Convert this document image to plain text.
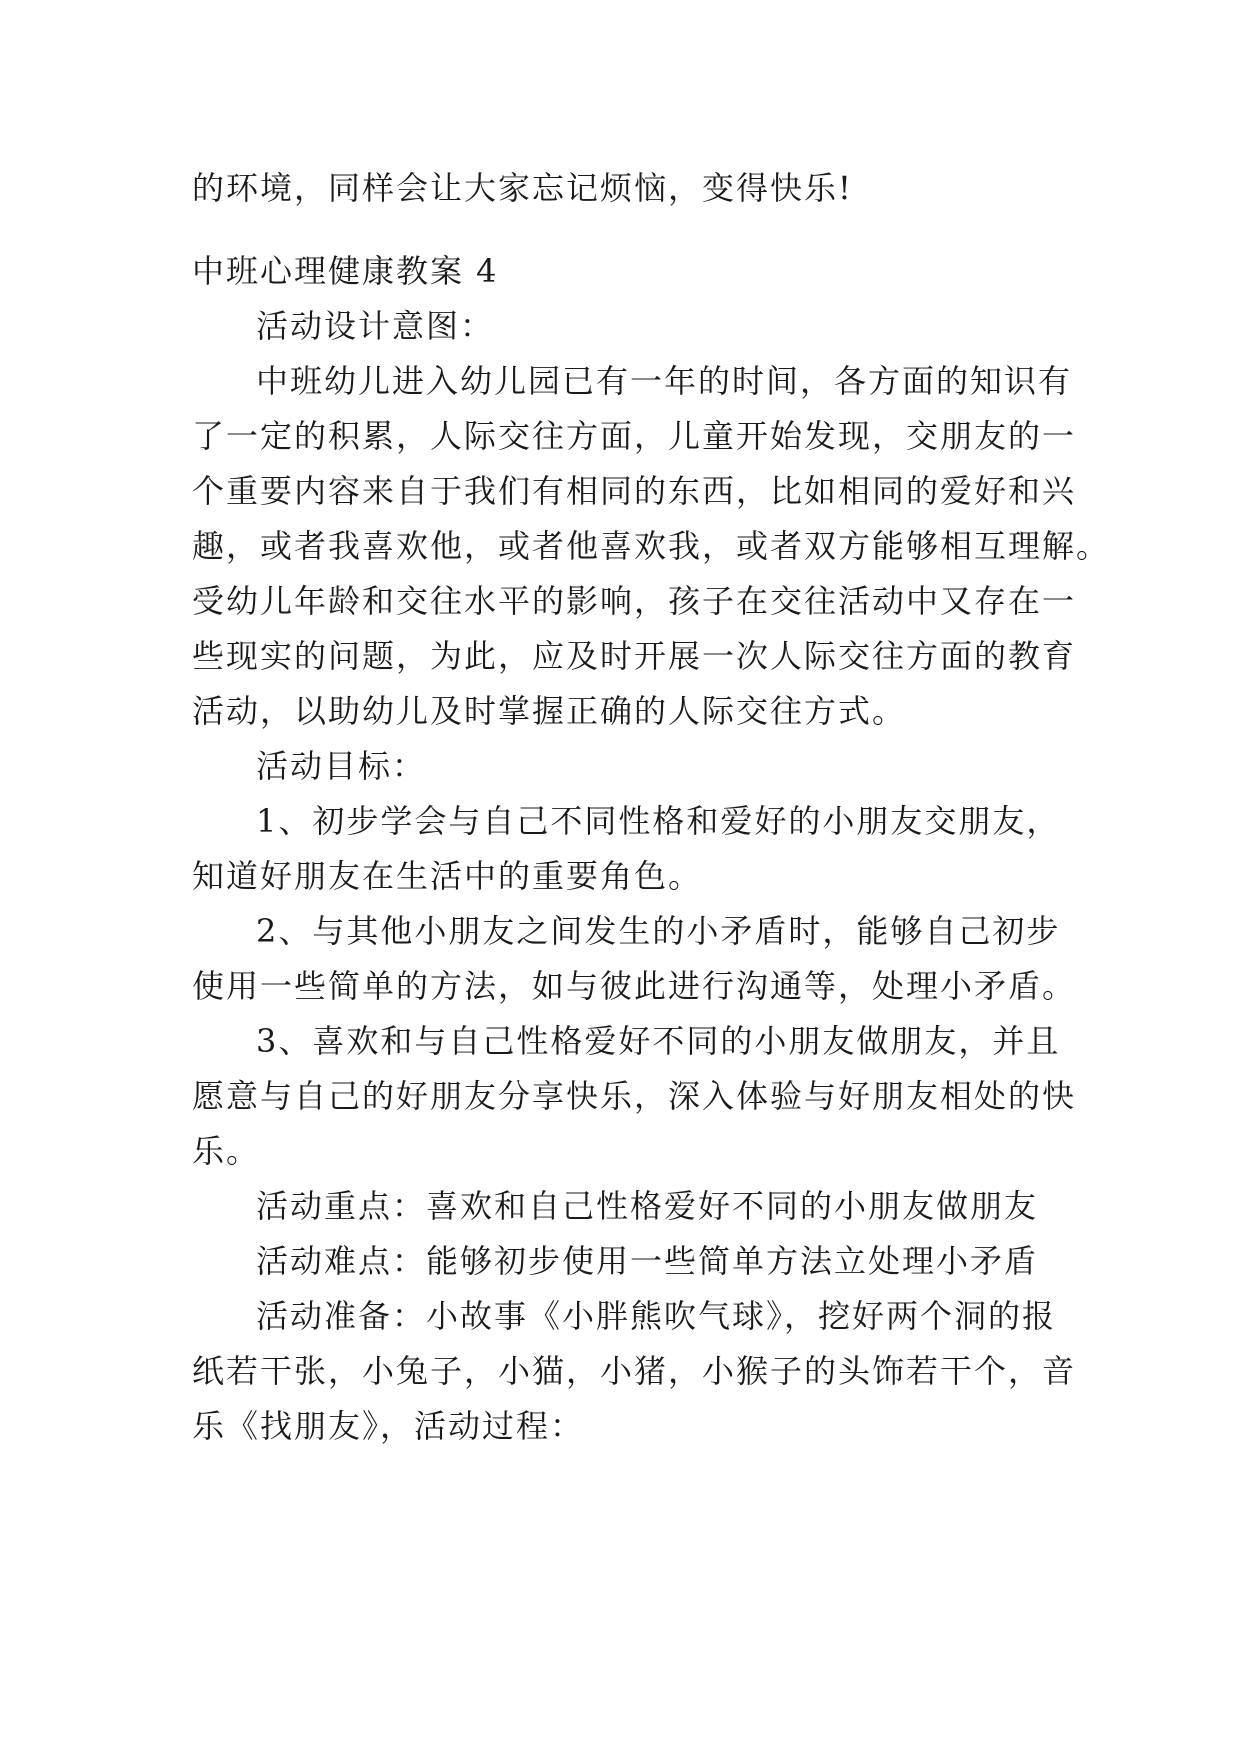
的环境，同样会让大家忘记烦恼，变得快乐!
中班心理健康教案 4
活动设计意图：
中班幼儿进入幼儿园已有一年的时间，各方面的知识有
了一定的积累，人际交往方面，儿童开始发现，交朋友的一
个重要内容来自于我们有相同的东西，比如相同的爱好和兴
趣，或者我喜欢他，或者他喜欢我，或者双方能够相互理解。
受幼儿年龄和交往水平的影响，孩子在交往活动中又存在一
些现实的问题，为此，应及时开展一次人际交往方面的教育
活动，以助幼儿及时掌握正确的人际交往方式。
活动目标：
1、初步学会与自己不同性格和爱好的小朋友交朋友，
知道好朋友在生活中的重要角色。
2、与其他小朋友之间发生的小矛盾时，能够自己初步
使用一些简单的方法，如与彼此进行沟通等，处理小矛盾。
3、喜欢和与自己性格爱好不同的小朋友做朋友，并且
愿意与自己的好朋友分享快乐，深入体验与好朋友相处的快
乐。
活动重点：喜欢和自己性格爱好不同的小朋友做朋友
活动难点：能够初步使用一些简单方法立处理小矛盾
活动准备：小故事《小胖熊吹气球》，挖好两个洞的报
纸若干张，小兔子，小猫，小猪，小猴子的头饰若干个，音
乐《找朋友》，活动过程：
